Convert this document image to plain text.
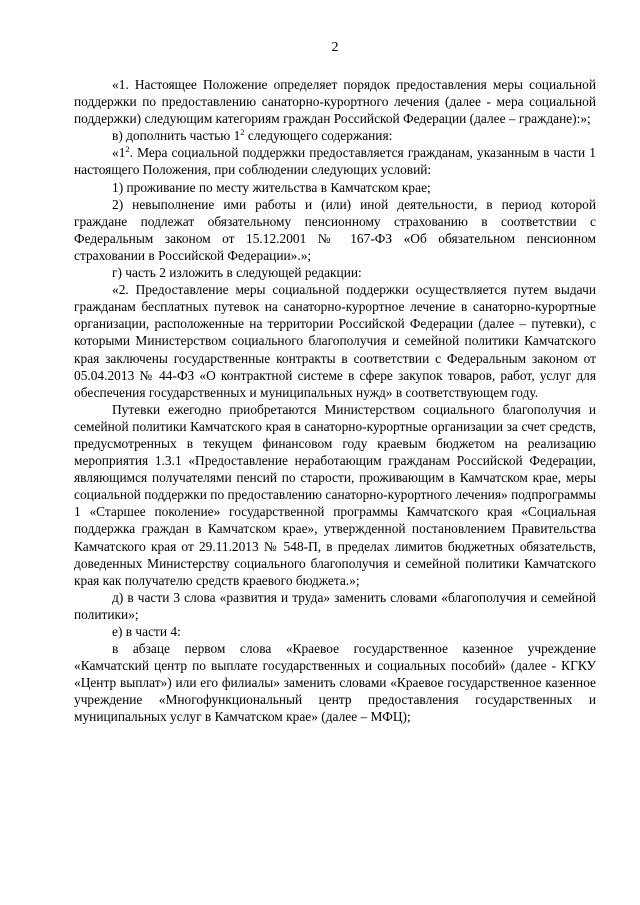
2

«1. Настоящее Положение определяет порядок предоставления меры социальной поддержки по предоставлению санаторно-курортного лечения (далее - мера социальной поддержки) следующим категориям граждан Российской Федерации (далее – граждане):»;

в) дополнить частью $1^2$ следующего содержания:

«$1^2$. Мера социальной поддержки предоставляется гражданам, указанным в части 1 настоящего Положения, при соблюдении следующих условий:

1) проживание по месту жительства в Камчатском крае;

2) невыполнение ими работы и (или) иной деятельности, в период которой граждане подлежат обязательному пенсионному страхованию в соответствии с Федеральным законом от 15.12.2001 № 167-ФЗ «Об обязательном пенсионном страховании в Российской Федерации».»;

г) часть 2 изложить в следующей редакции:

«2. Предоставление меры социальной поддержки осуществляется путем выдачи гражданам бесплатных путевок на санаторно-курортное лечение в санаторно-курортные организации, расположенные на территории Российской Федерации (далее – путевки), с которыми Министерством социального благополучия и семейной политики Камчатского края заключены государственные контракты в соответствии с Федеральным законом от 05.04.2013 № 44-ФЗ «О контрактной системе в сфере закупок товаров, работ, услуг для обеспечения государственных и муниципальных нужд» в соответствующем году.

Путевки ежегодно приобретаются Министерством социального благополучия и семейной политики Камчатского края в санаторно-курортные организации за счет средств, предусмотренных в текущем финансовом году краевым бюджетом на реализацию мероприятия 1.3.1 «Предоставление неработающим гражданам Российской Федерации, являющимся получателями пенсий по старости, проживающим в Камчатском крае, меры социальной поддержки по предоставлению санаторно-курортного лечения» подпрограммы 1 «Старшее поколение» государственной программы Камчатского края «Социальная поддержка граждан в Камчатском крае», утвержденной постановлением Правительства Камчатского края от 29.11.2013 № 548-П, в пределах лимитов бюджетных обязательств, доведенных Министерству социального благополучия и семейной политики Камчатского края как получателю средств краевого бюджета.»;

д) в части 3 слова «развития и труда» заменить словами «благополучия и семейной политики»;

е) в части 4:

в абзаце первом слова «Краевое государственное казенное учреждение «Камчатский центр по выплате государственных и социальных пособий» (далее - КГКУ «Центр выплат») или его филиалы» заменить словами «Краевое государственное казенное учреждение «Многофункциональный центр предоставления государственных и муниципальных услуг в Камчатском крае» (далее – МФЦ);
